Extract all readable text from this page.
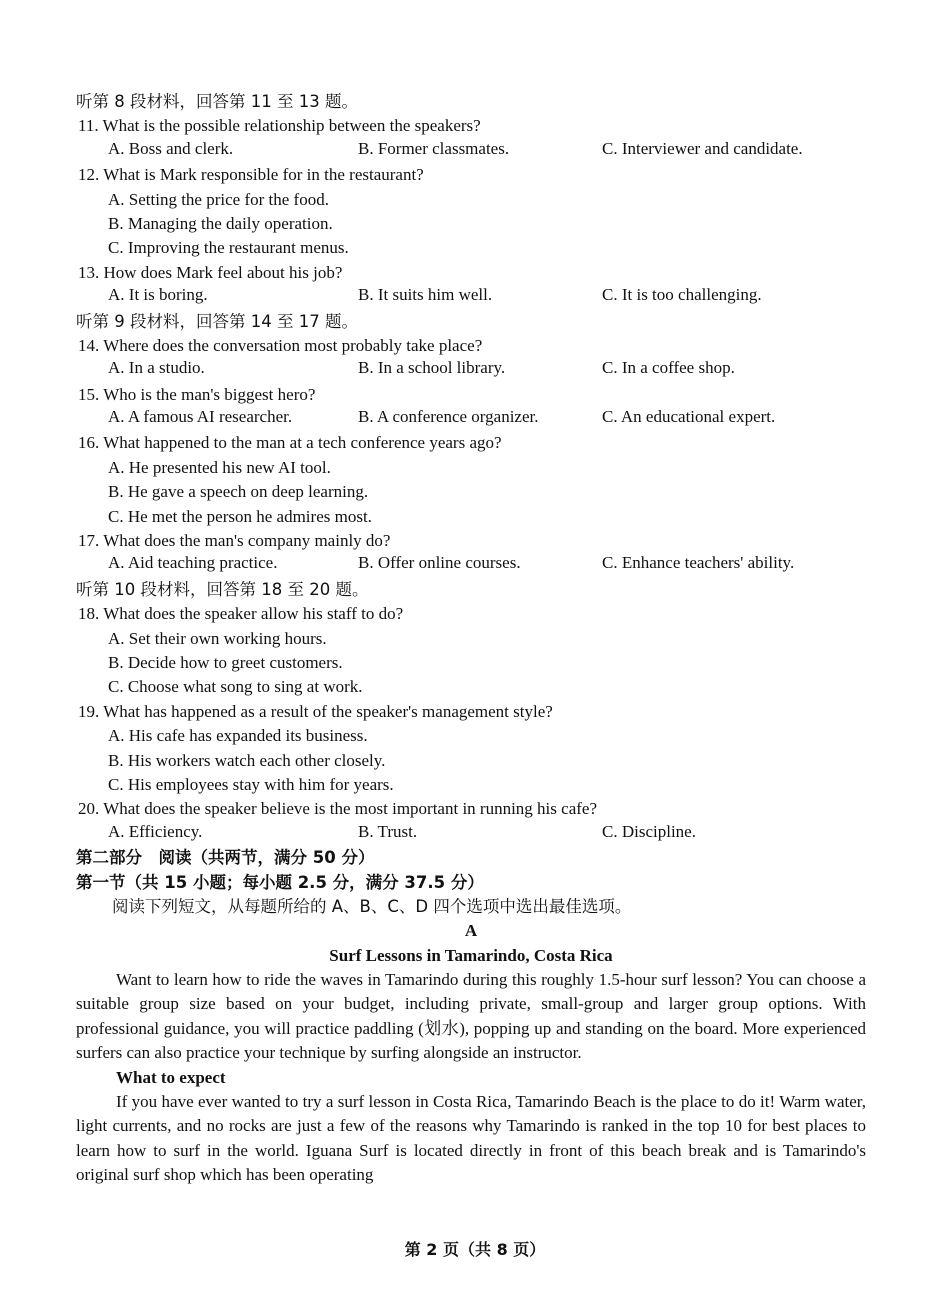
听第 8 段材料，回答第 11 至 13 题。
11. What is the possible relationship between the speakers?
A. Boss and clerk.	B. Former classmates.	C. Interviewer and candidate.
12. What is Mark responsible for in the restaurant?
A. Setting the price for the food.
B. Managing the daily operation.
C. Improving the restaurant menus.
13. How does Mark feel about his job?
A. It is boring.	B. It suits him well.	C. It is too challenging.
听第 9 段材料，回答第 14 至 17 题。
14. Where does the conversation most probably take place?
A. In a studio.	B. In a school library.	C. In a coffee shop.
15. Who is the man's biggest hero?
A. A famous AI researcher.	B. A conference organizer.	C. An educational expert.
16. What happened to the man at a tech conference years ago?
A. He presented his new AI tool.
B. He gave a speech on deep learning.
C. He met the person he admires most.
17. What does the man's company mainly do?
A. Aid teaching practice.	B. Offer online courses.	C. Enhance teachers' ability.
听第 10 段材料，回答第 18 至 20 题。
18. What does the speaker allow his staff to do?
A. Set their own working hours.
B. Decide how to greet customers.
C. Choose what song to sing at work.
19. What has happened as a result of the speaker's management style?
A. His cafe has expanded its business.
B. His workers watch each other closely.
C. His employees stay with him for years.
20. What does the speaker believe is the most important in running his cafe?
A. Efficiency.	B. Trust.	C. Discipline.
第二部分　阅读（共两节，满分 50 分）
第一节（共 15 小题；每小题 2.5 分，满分 37.5 分）
阅读下列短文，从每题所给的 A、B、C、D 四个选项中选出最佳选项。
A
Surf Lessons in Tamarindo, Costa Rica
Want to learn how to ride the waves in Tamarindo during this roughly 1.5-hour surf lesson? You can choose a suitable group size based on your budget, including private, small-group and larger group options. With professional guidance, you will practice paddling (划水), popping up and standing on the board. More experienced surfers can also practice your technique by surfing alongside an instructor.
What to expect
If you have ever wanted to try a surf lesson in Costa Rica, Tamarindo Beach is the place to do it! Warm water, light currents, and no rocks are just a few of the reasons why Tamarindo is ranked in the top 10 for best places to learn how to surf in the world. Iguana Surf is located directly in front of this beach break and is Tamarindo's original surf shop which has been operating
第 2 页（共 8 页）
